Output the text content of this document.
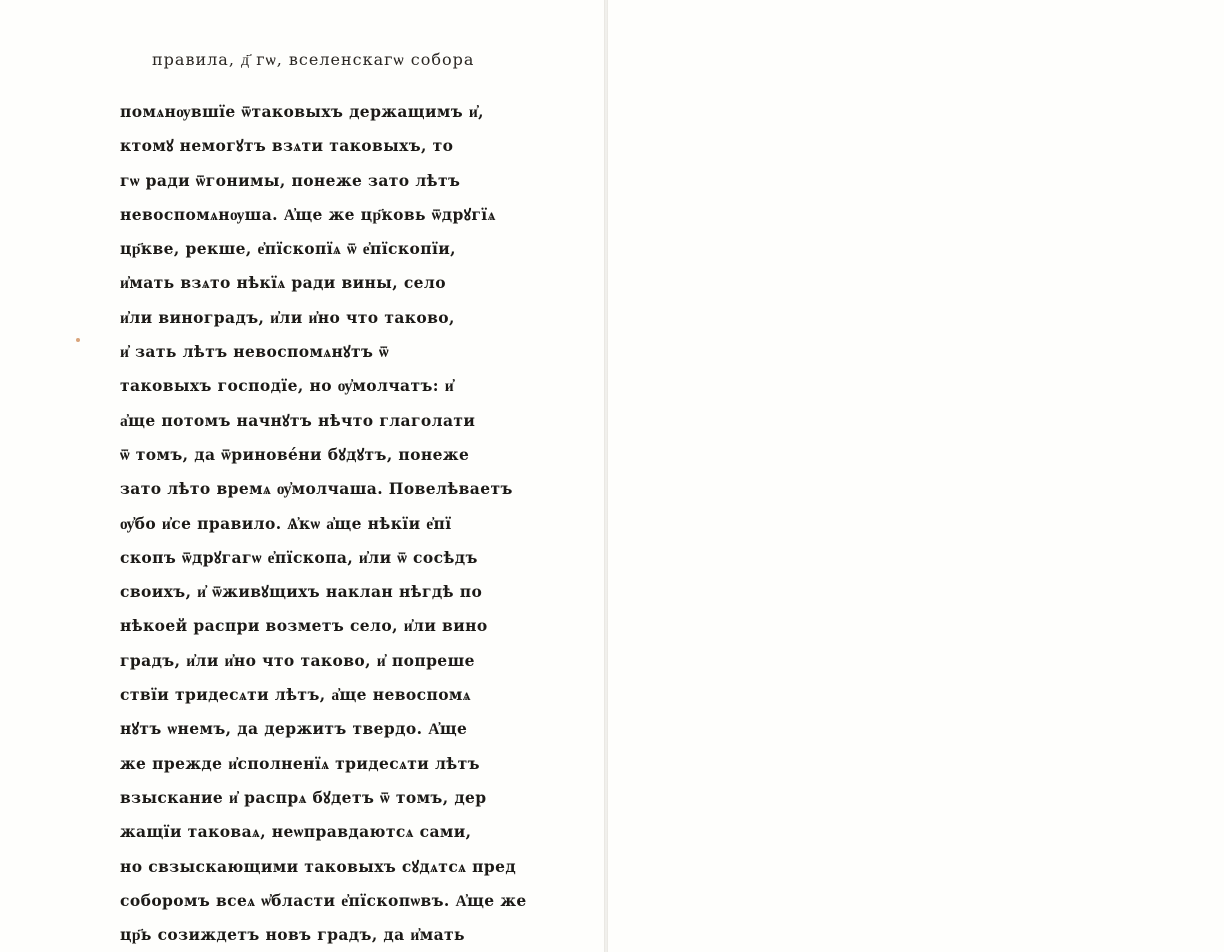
правила, д҃ гѡ, вселенскагѡ собора
помѧнѹвшїе ѿтаковыхъ держащимъ и҆,
ктомꙋ немогꙋтъ взѧти таковыхъ, то
гѡ ради ѿгонимы, понеже зато лѣтъ
невоспомѧнѹша. А҆ще же цр҃ковь ѿдрꙋгїѧ
цр҃кве, рекше, е҆пїскопїѧ ѿ е҆пїскопїи,
и҆мать взѧто нѣкїѧ ради вины, село
и҆ли виноградъ, и҆ли и҆но что таково,
и҆ зать лѣтъ невоспомѧнꙋтъ ѿ
таковыхъ господїе, но ѹ҆молчатъ: и҆
а҆ще потомъ начнꙋтъ нѣчто глаголати
ѿ томъ, да ѿринове́ни бꙋдꙋтъ, понеже
зато лѣто времѧ ѹ҆молчаша. Повелѣваетъ
ѹ҆бо и҆се правило. Ѧ҆кѡ а҆ще нѣкїи е҆пї
скопъ ѿдрꙋгагѡ е҆пїскопа, и҆ли ѿ сосѣдъ
своихъ, и҆ ѿживꙋщихъ наклан нѣгдѣ по
нѣкоей распри возметъ село, и҆ли вино
градъ, и҆ли и҆но что таково, и҆ попреше
ствїи тридесѧти лѣтъ, а҆ще невоспомѧ
нꙋтъ ѡнемъ, да держитъ твердо. А҆ще
же прежде и҆сполненїѧ тридесѧти лѣтъ
взыскание и҆ распрѧ бꙋдетъ ѿ томъ, дер
жащїи таковаѧ, неѡправдаютсѧ сами,
но свзыскающими таковыхъ сꙋдѧтсѧ пред
соборомъ всеѧ ѡ҆бласти е҆пїскопѡвъ. А҆ще же
цр҃ь созиждетъ новъ градъ, да и҆мать
